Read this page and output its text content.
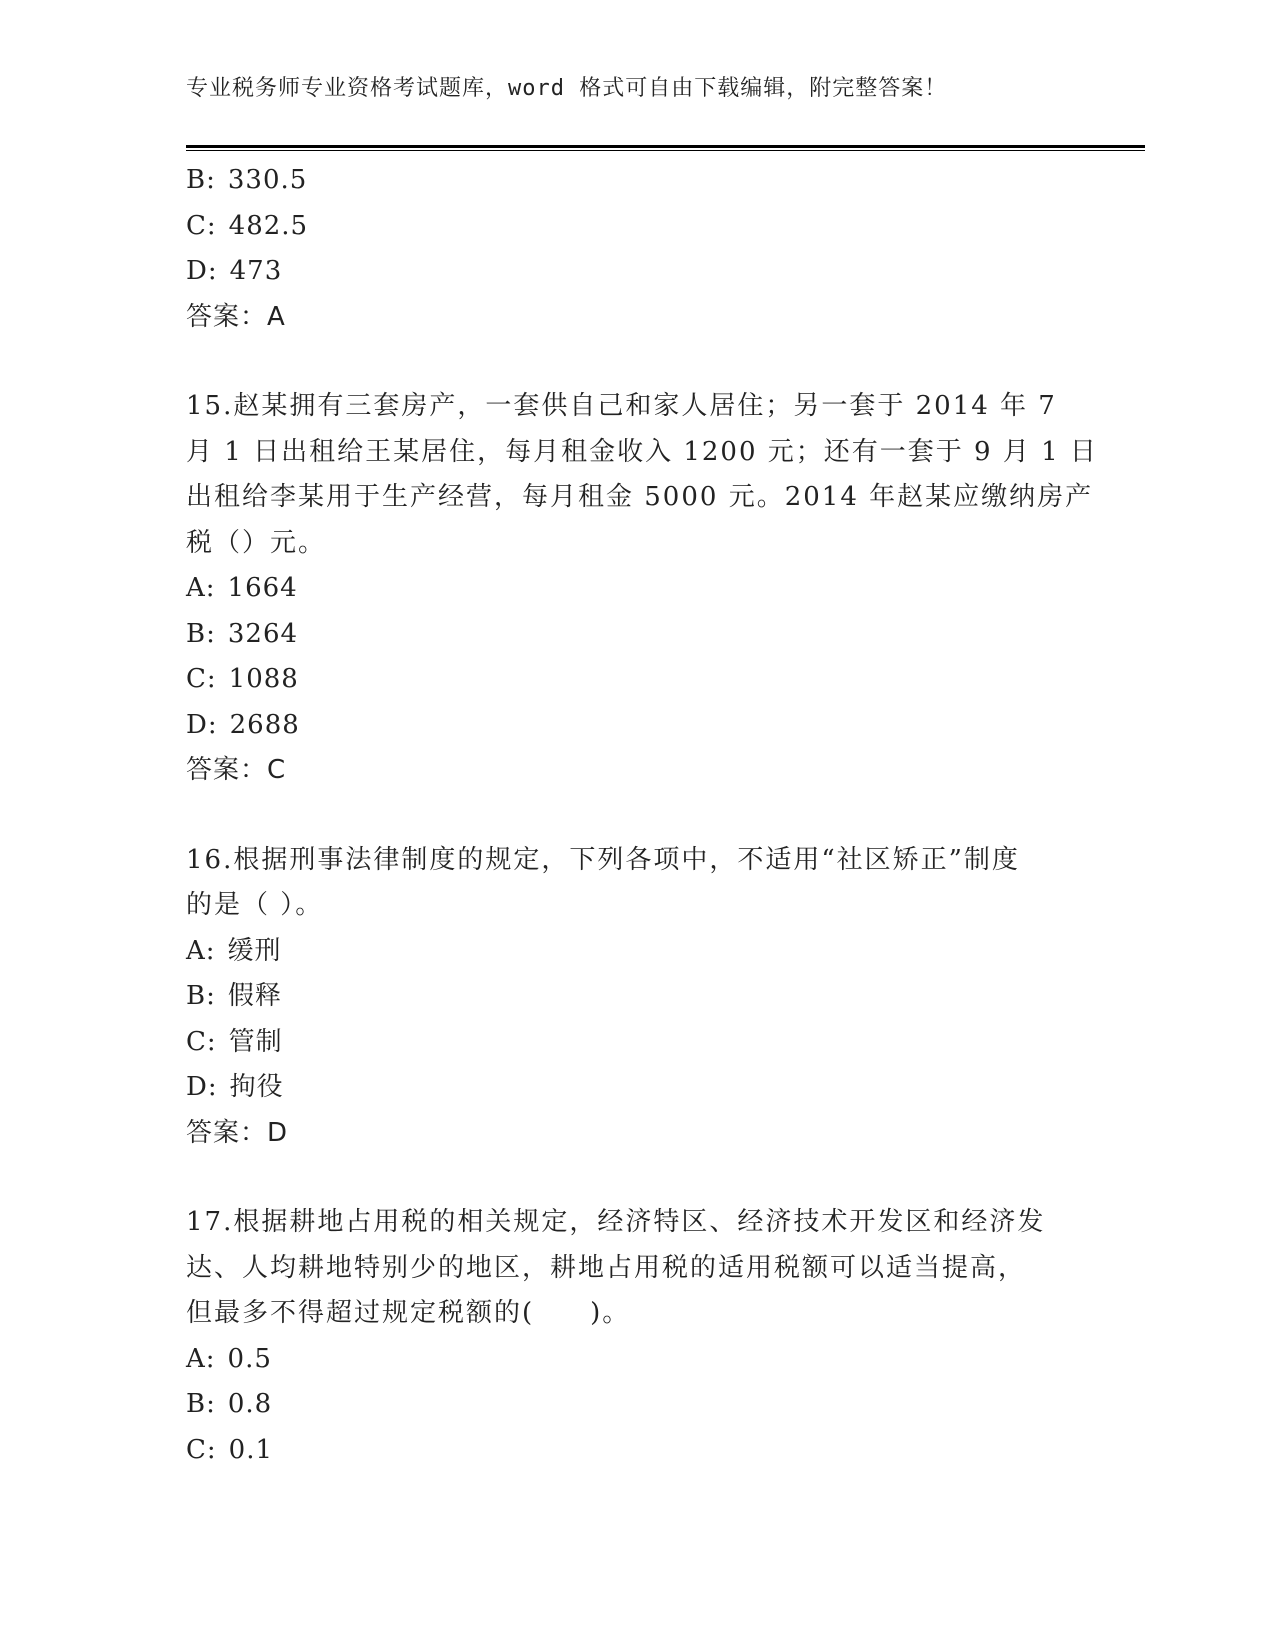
专业税务师专业资格考试题库，word 格式可自由下载编辑，附完整答案！
B: 330.5
C: 482.5
D: 473
答案：A
15.赵某拥有三套房产，一套供自己和家人居住；另一套于 2014 年 7
月 1 日出租给王某居住，每月租金收入 1200 元；还有一套于 9 月 1 日
出租给李某用于生产经营，每月租金 5000 元。2014 年赵某应缴纳房产
税（）元。
A: 1664
B: 3264
C: 1088
D: 2688
答案：C
16.根据刑事法律制度的规定，下列各项中，不适用“社区矫正”制度
的是（ ）。
A: 缓刑
B: 假释
C: 管制
D: 拘役
答案：D
17.根据耕地占用税的相关规定，经济特区、经济技术开发区和经济发
达、人均耕地特别少的地区，耕地占用税的适用税额可以适当提高，
但最多不得超过规定税额的(　　)。
A: 0.5
B: 0.8
C: 0.1
